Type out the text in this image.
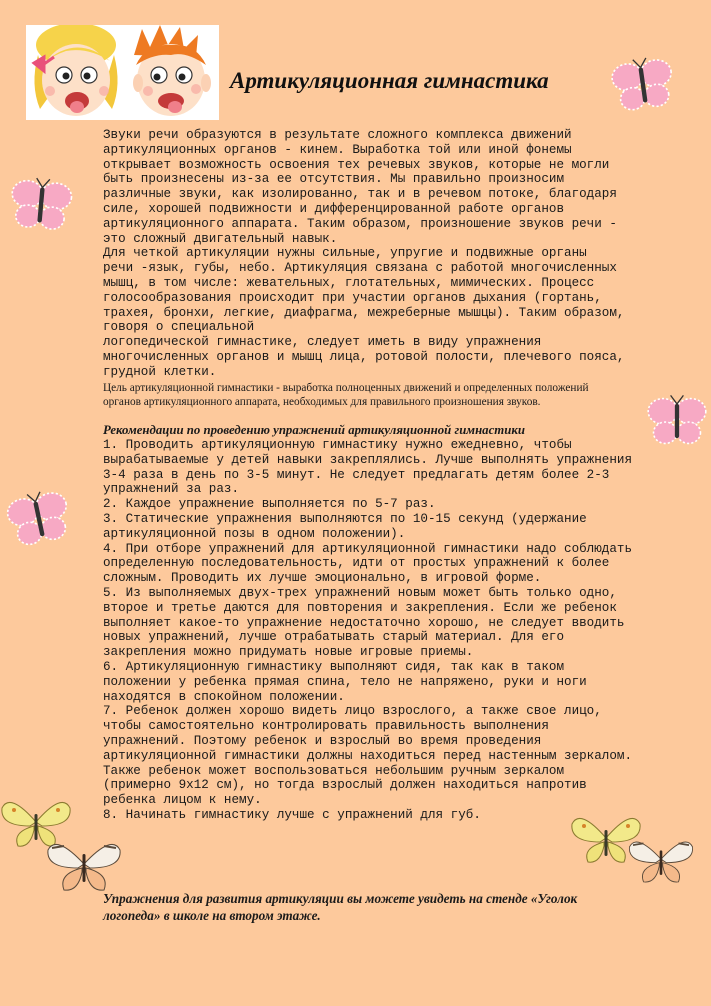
Артикуляционная гимнастика
Звуки речи образуются в результате сложного комплекса движений
артикуляционных органов - кинем. Выработка той или иной фонемы
открывает возможность освоения тех речевых звуков, которые не могли
быть произнесены из-за ее отсутствия. Мы правильно произносим
различные звуки, как изолированно, так и в речевом потоке, благодаря
силе, хорошей подвижности и дифференцированной работе органов
артикуляционного аппарата. Таким образом, произношение звуков речи -
это сложный двигательный навык.
Для четкой артикуляции нужны сильные, упругие и подвижные органы
речи -язык, губы, небо. Артикуляция связана с работой многочисленных
мышц, в том числе: жевательных, глотательных, мимических. Процесс
голосообразования происходит при участии органов дыхания (гортань,
трахея, бронхи, легкие, диафрагма, межреберные мышцы). Таким образом,
говоря о специальной
логопедической гимнастике, следует иметь в виду упражнения
многочисленных органов и мышц лица, ротовой полости, плечевого пояса,
грудной клетки.
Цель артикуляционной гимнастики - выработка полноценных движений и определенных положений
органов артикуляционного аппарата, необходимых для правильного произношения звуков.
Рекомендации по проведению упражнений артикуляционной гимнастики
1. Проводить артикуляционную гимнастику нужно ежедневно, чтобы
вырабатываемые у детей навыки закреплялись. Лучше выполнять упражнения
3-4 раза в день по 3-5 минут. Не следует предлагать детям более 2-3
упражнений за раз.
2. Каждое упражнение выполняется по 5-7 раз.
3. Статические упражнения выполняются по 10-15 секунд (удержание
артикуляционной позы в одном положении).
4. При отборе упражнений для артикуляционной гимнастики надо соблюдать
определенную последовательность, идти от простых упражнений к более
сложным. Проводить их лучше эмоционально, в игровой форме.
5. Из выполняемых двух-трех упражнений новым может быть только одно,
второе и третье даются для повторения и закрепления. Если же ребенок
выполняет какое-то упражнение недостаточно хорошо, не следует вводить
новых упражнений, лучше отрабатывать старый материал. Для его
закрепления можно придумать новые игровые приемы.
6. Артикуляционную гимнастику выполняют сидя, так как в таком
положении у ребенка прямая спина, тело не напряжено, руки и ноги
находятся в спокойном положении.
7. Ребенок должен хорошо видеть лицо взрослого, а также свое лицо,
чтобы самостоятельно контролировать правильность выполнения
упражнений. Поэтому ребенок и взрослый во время проведения
артикуляционной гимнастики должны находиться перед настенным зеркалом.
Также ребенок может воспользоваться небольшим ручным зеркалом
(примерно 9х12 см), но тогда взрослый должен находиться напротив
ребенка лицом к нему.
8. Начинать гимнастику лучше с упражнений для губ.
Упражнения для развития артикуляции вы можете увидеть на стенде «Уголок
логопеда» в школе на втором этаже.
